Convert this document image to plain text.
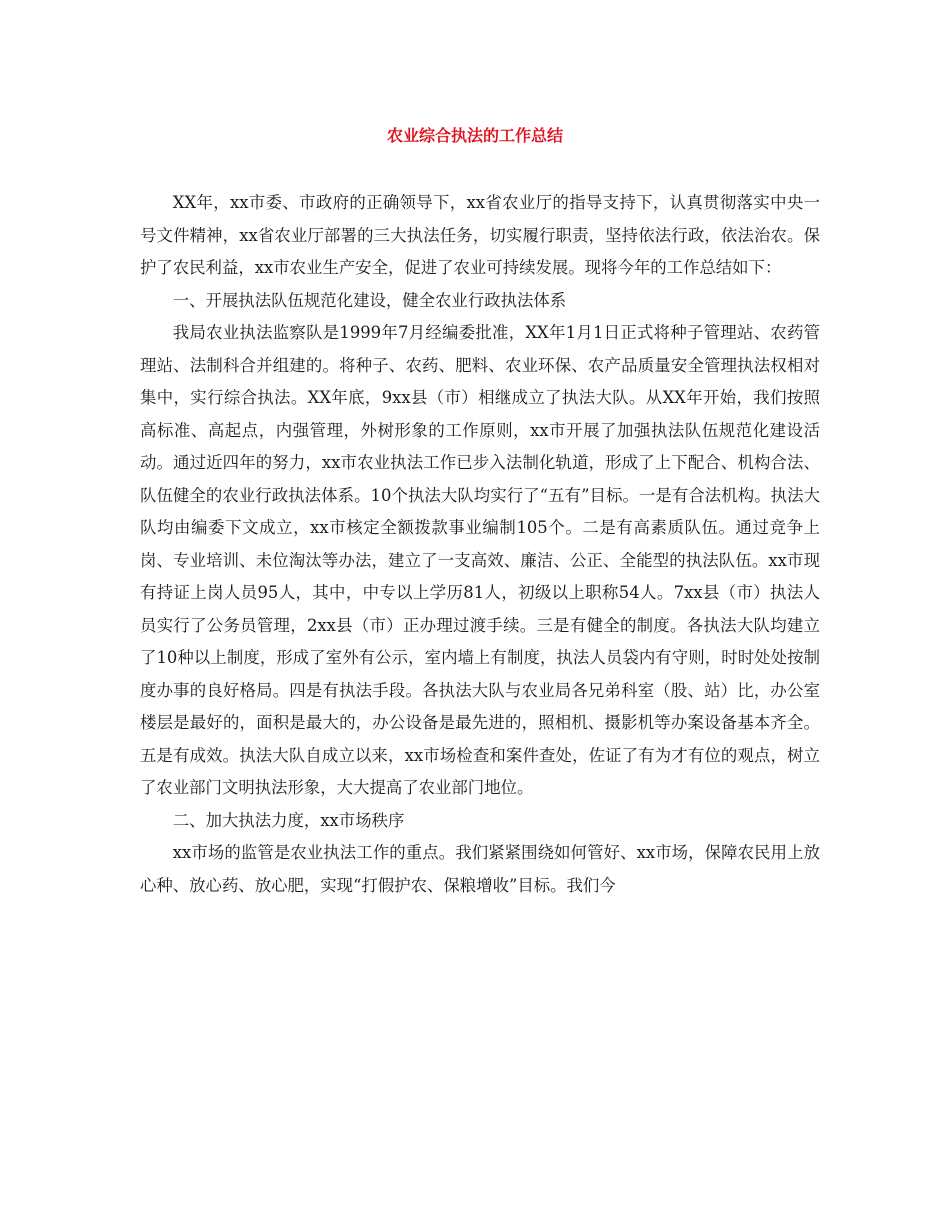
农业综合执法的工作总结

XX年，xx市委、市政府的正确领导下，xx省农业厅的指导支持下，认真贯彻落实中央一号文件精神，xx省农业厅部署的三大执法任务，切实履行职责，坚持依法行政，依法治农。保护了农民利益，xx市农业生产安全，促进了农业可持续发展。现将今年的工作总结如下：

一、开展执法队伍规范化建设，健全农业行政执法体系

我局农业执法监察队是1999年7月经编委批准，XX年1月1日正式将种子管理站、农药管理站、法制科合并组建的。将种子、农药、肥料、农业环保、农产品质量安全管理执法权相对集中，实行综合执法。XX年底，9xx县（市）相继成立了执法大队。从XX年开始，我们按照高标准、高起点，内强管理，外树形象的工作原则，xx市开展了加强执法队伍规范化建设活动。通过近四年的努力，xx市农业执法工作已步入法制化轨道，形成了上下配合、机构合法、队伍健全的农业行政执法体系。10个执法大队均实行了“五有”目标。一是有合法机构。执法大队均由编委下文成立，xx市核定全额拨款事业编制105个。二是有高素质队伍。通过竞争上岗、专业培训、未位淘汰等办法，建立了一支高效、廉洁、公正、全能型的执法队伍。xx市现有持证上岗人员95人，其中，中专以上学历81人，初级以上职称54人。7xx县（市）执法人员实行了公务员管理，2xx县（市）正办理过渡手续。三是有健全的制度。各执法大队均建立了10种以上制度，形成了室外有公示，室内墙上有制度，执法人员袋内有守则，时时处处按制度办事的良好格局。四是有执法手段。各执法大队与农业局各兄弟科室（股、站）比，办公室楼层是最好的，面积是最大的，办公设备是最先进的，照相机、摄影机等办案设备基本齐全。五是有成效。执法大队自成立以来，xx市场检查和案件查处，佐证了有为才有位的观点，树立了农业部门文明执法形象，大大提高了农业部门地位。

二、加大执法力度，xx市场秩序

xx市场的监管是农业执法工作的重点。我们紧紧围绕如何管好、xx市场，保障农民用上放心种、放心药、放心肥，实现“打假护农、保粮增收”目标。我们今
